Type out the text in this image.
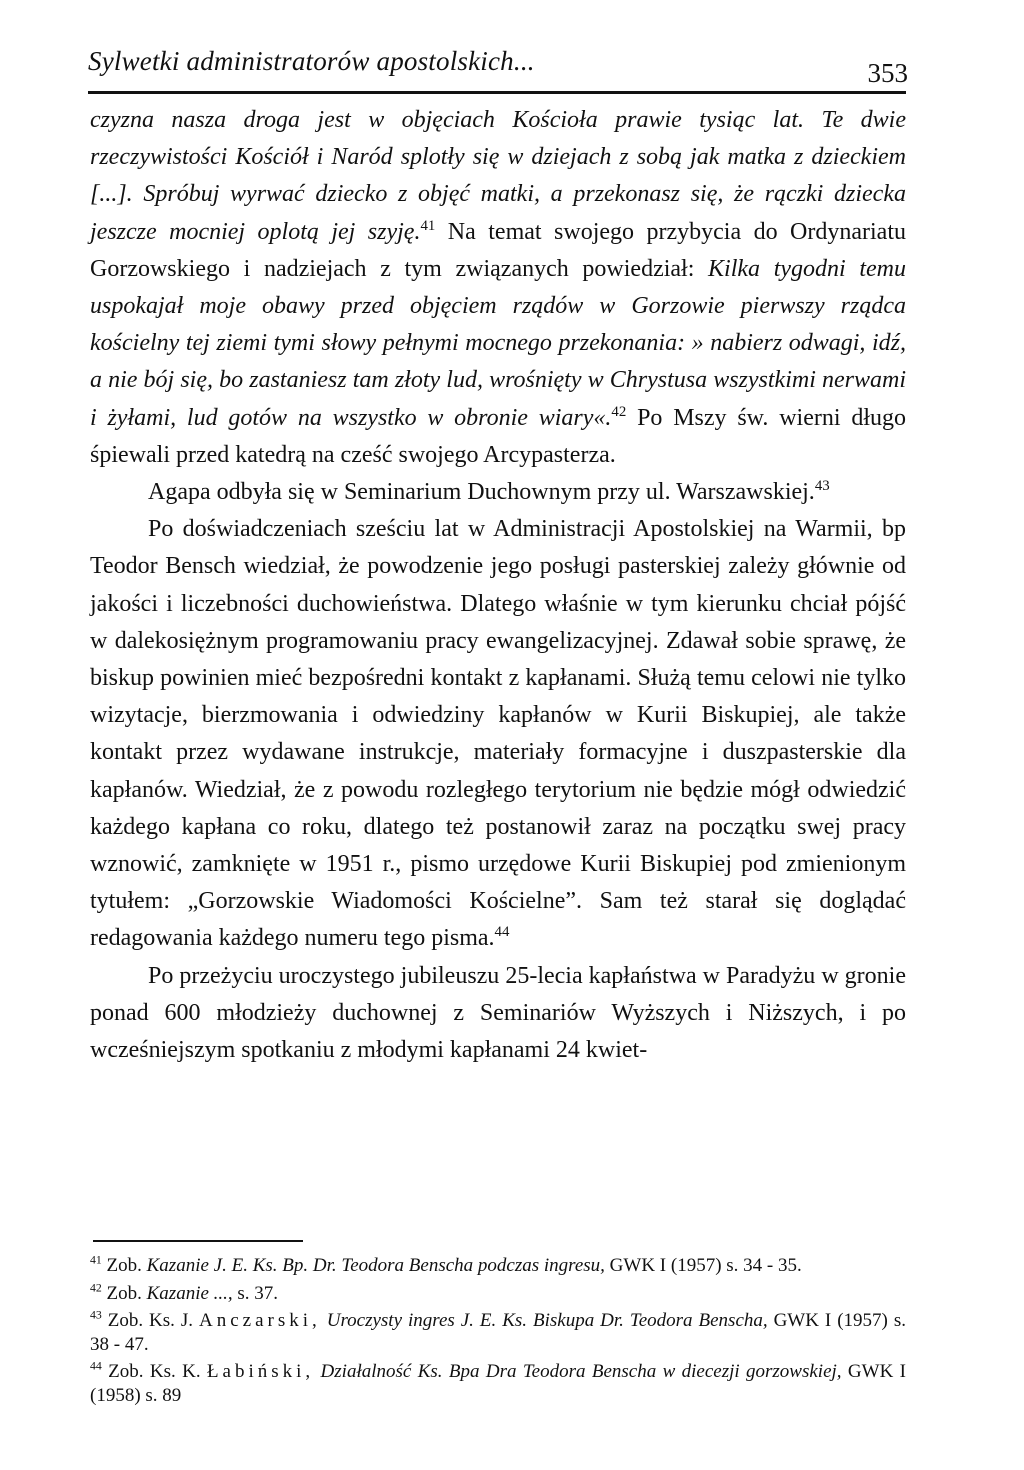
Sylwetki administratorów apostolskich...	353

czyzna nasza droga jest w objęciach Kościoła prawie tysiąc lat. Te dwie rzeczywistości Kościół i Naród splotły się w dziejach z sobą jak matka z dzieckiem [...]. Spróbuj wyrwać dziecko z objęć matki, a przekonasz się, że rączki dziecka jeszcze mocniej oplotą jej szyję.$^{41}$ Na temat swojego przybycia do Ordynariatu Gorzowskiego i nadziejach z tym związanych powiedział: Kilka tygodni temu uspokajał moje obawy przed objęciem rządów w Gorzowie pierwszy rządca kościelny tej ziemi tymi słowy pełnymi mocnego przekonania: » nabierz odwagi, idź, a nie bój się, bo zastaniesz tam złoty lud, wrośnięty w Chrystusa wszystkimi nerwami i żyłami, lud gotów na wszystko w obronie wiary«.$^{42}$ Po Mszy św. wierni długo śpiewali przed katedrą na cześć swojego Arcypasterza.

Agapa odbyła się w Seminarium Duchownym przy ul. Warszawskiej.$^{43}$

Po doświadczeniach sześciu lat w Administracji Apostolskiej na Warmii, bp Teodor Bensch wiedział, że powodzenie jego posługi pasterskiej zależy głównie od jakości i liczebności duchowieństwa. Dlatego właśnie w tym kierunku chciał pójść w dalekosiężnym programowaniu pracy ewangelizacyjnej. Zdawał sobie sprawę, że biskup powinien mieć bezpośredni kontakt z kapłanami. Służą temu celowi nie tylko wizytacje, bierzmowania i odwiedziny kapłanów w Kurii Biskupiej, ale także kontakt przez wydawane instrukcje, materiały formacyjne i duszpasterskie dla kapłanów. Wiedział, że z powodu rozległego terytorium nie będzie mógł odwiedzić każdego kapłana co roku, dlatego też postanowił zaraz na początku swej pracy wznowić, zamknięte w 1951 r., pismo urzędowe Kurii Biskupiej pod zmienionym tytułem: „Gorzowskie Wiadomości Kościelne”. Sam też starał się doglądać redagowania każdego numeru tego pisma.$^{44}$

Po przeżyciu uroczystego jubileuszu 25-lecia kapłaństwa w Paradyżu w gronie ponad 600 młodzieży duchownej z Seminariów Wyższych i Niższych, i po wcześniejszym spotkaniu z młodymi kapłanami 24 kwiet-

$^{41}$ Zob. Kazanie J. E. Ks. Bp. Dr. Teodora Benscha podczas ingresu, GWK I (1957) s. 34 - 35.

$^{42}$ Zob. Kazanie ..., s. 37.

$^{43}$ Zob. Ks. J. Anczarski, Uroczysty ingres J. E. Ks. Biskupa Dr. Teodora Benscha, GWK I (1957) s. 38 - 47.

$^{44}$ Zob. Ks. K. Łabiński, Działalność Ks. Bpa Dra Teodora Benscha w diecezji gorzowskiej, GWK I (1958) s. 89
